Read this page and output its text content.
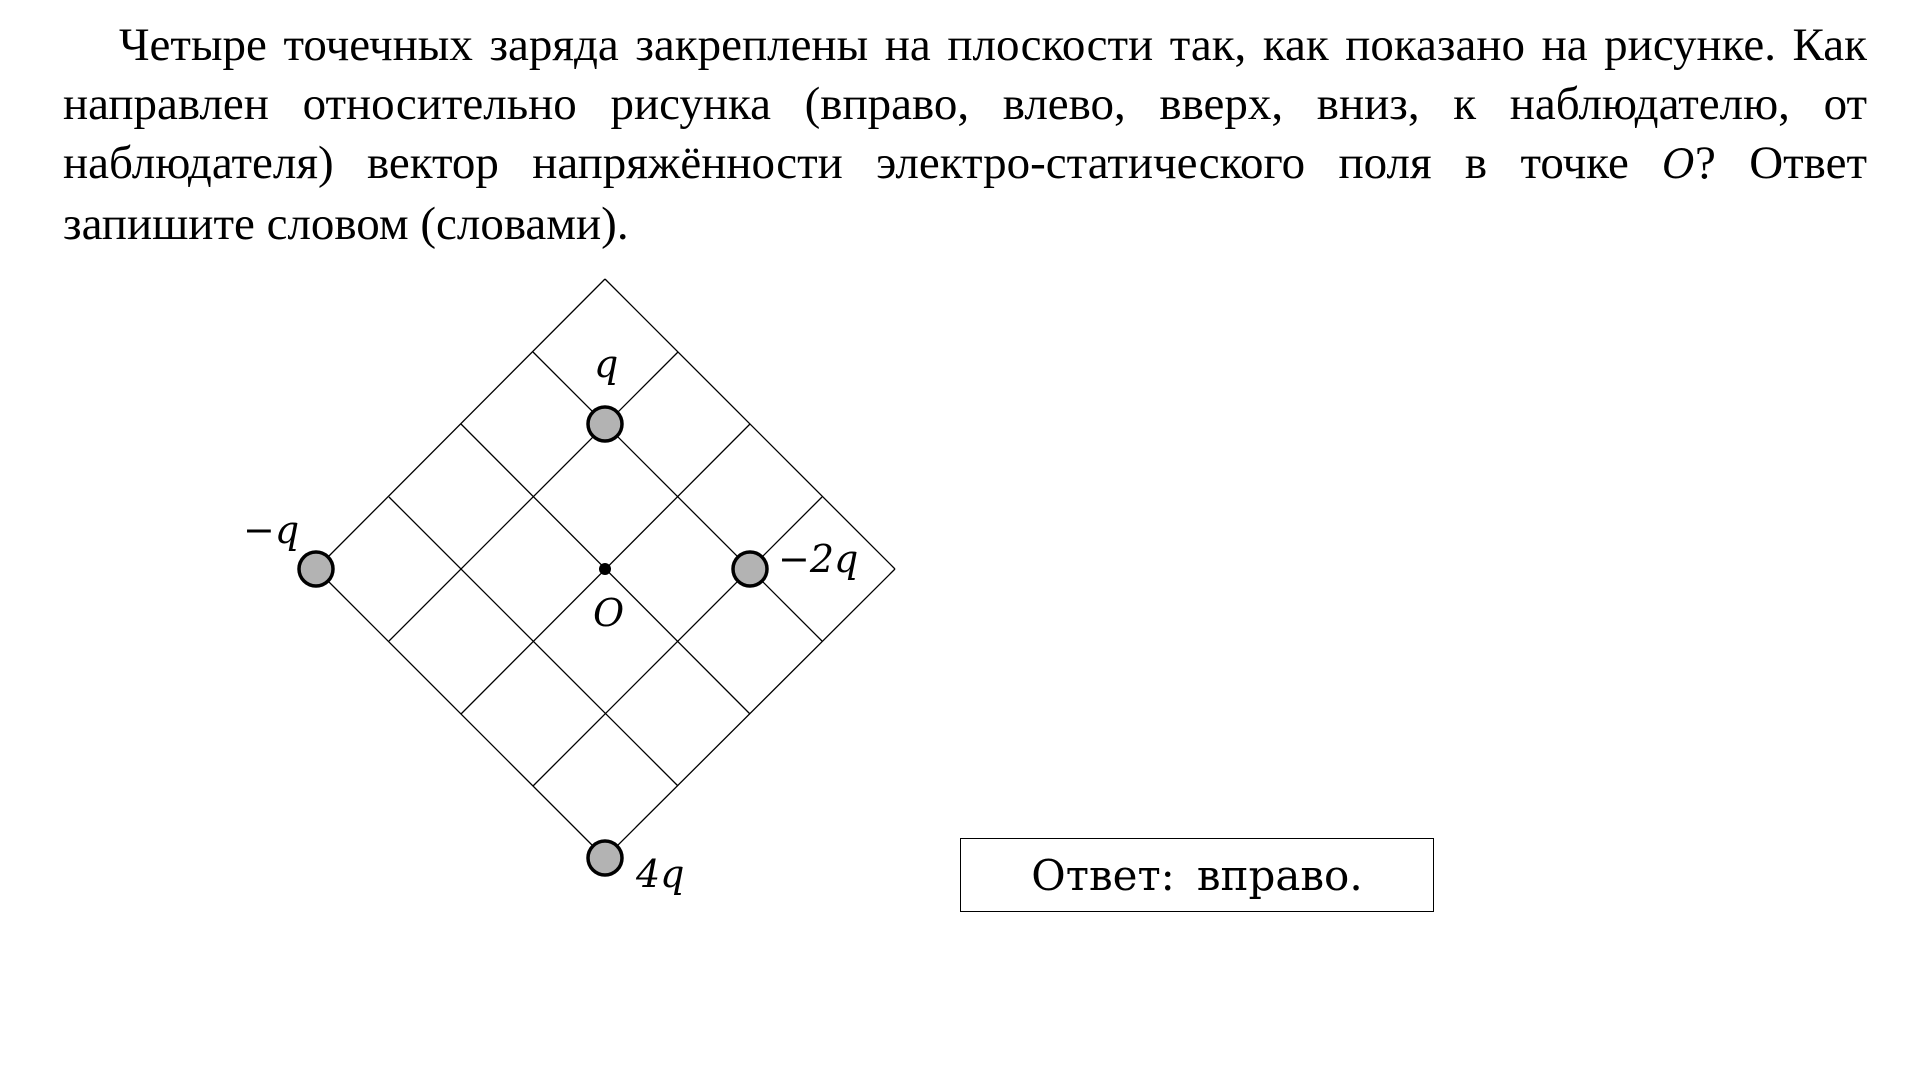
Четыре точечных заряда закреплены на плоскости так, как показано на рисунке. Как направлен относительно рисунка (вправо, влево, вверх, вниз, к наблюдателю, от наблюдателя) вектор напряжённости электро-статического поля в точке O? Ответ запишите словом (словами).

O
q
−q
−2q
4q	Ответ: вправо.
